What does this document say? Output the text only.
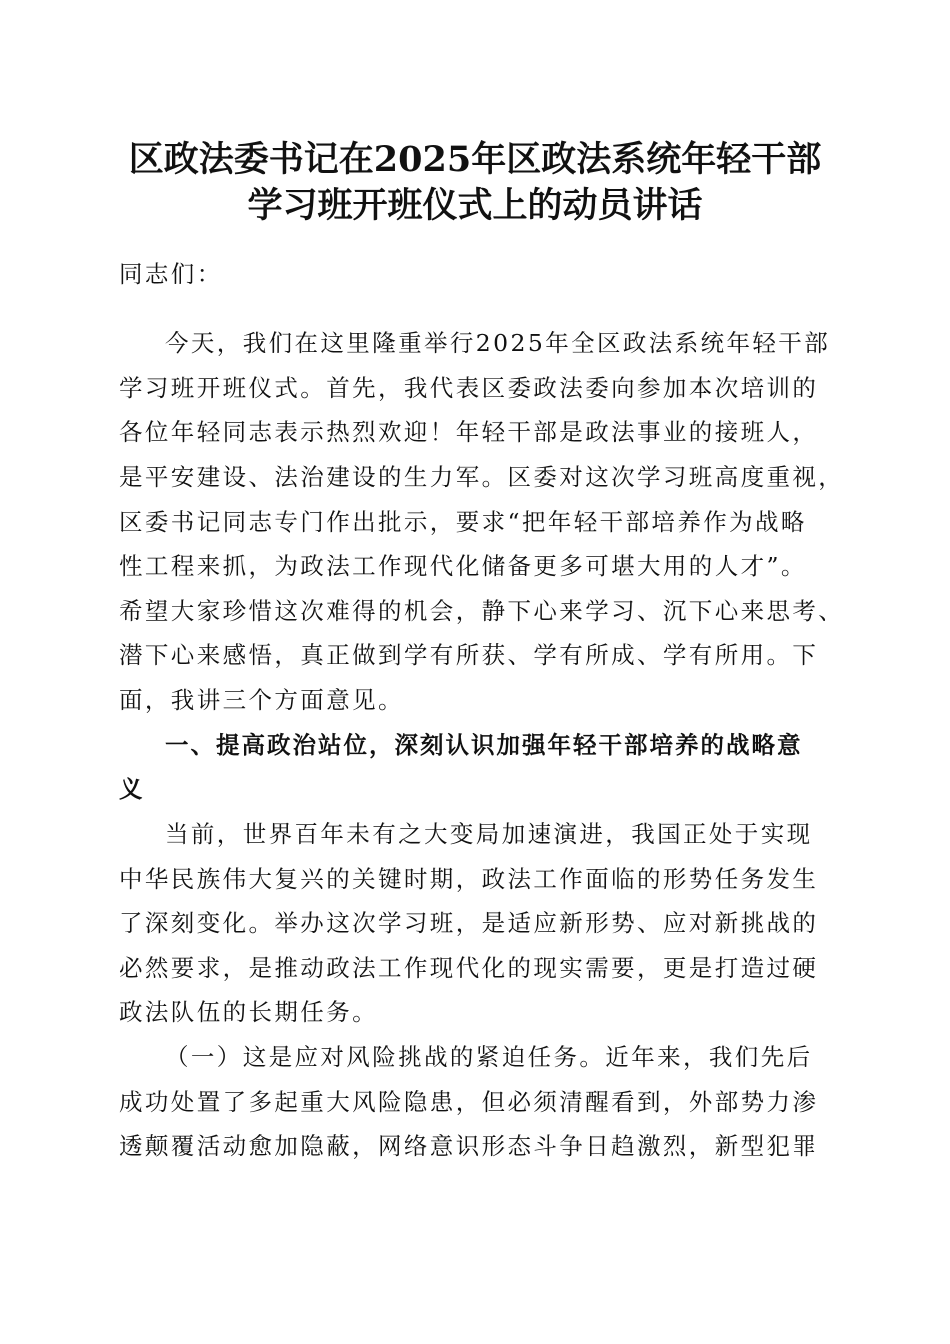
区政法委书记在2025年区政法系统年轻干部
学习班开班仪式上的动员讲话
同志们：
今天，我们在这里隆重举行2025年全区政法系统年轻干部
学习班开班仪式。首先，我代表区委政法委向参加本次培训的
各位年轻同志表示热烈欢迎！年轻干部是政法事业的接班人，
是平安建设、法治建设的生力军。区委对这次学习班高度重视，
区委书记同志专门作出批示，要求“把年轻干部培养作为战略
性工程来抓，为政法工作现代化储备更多可堪大用的人才”。
希望大家珍惜这次难得的机会，静下心来学习、沉下心来思考、
潜下心来感悟，真正做到学有所获、学有所成、学有所用。下
面，我讲三个方面意见。
一、提高政治站位，深刻认识加强年轻干部培养的战略意
义
当前，世界百年未有之大变局加速演进，我国正处于实现
中华民族伟大复兴的关键时期，政法工作面临的形势任务发生
了深刻变化。举办这次学习班，是适应新形势、应对新挑战的
必然要求，是推动政法工作现代化的现实需要，更是打造过硬
政法队伍的长期任务。
（一）这是应对风险挑战的紧迫任务。近年来，我们先后
成功处置了多起重大风险隐患，但必须清醒看到，外部势力渗
透颠覆活动愈加隐蔽，网络意识形态斗争日趋激烈，新型犯罪
